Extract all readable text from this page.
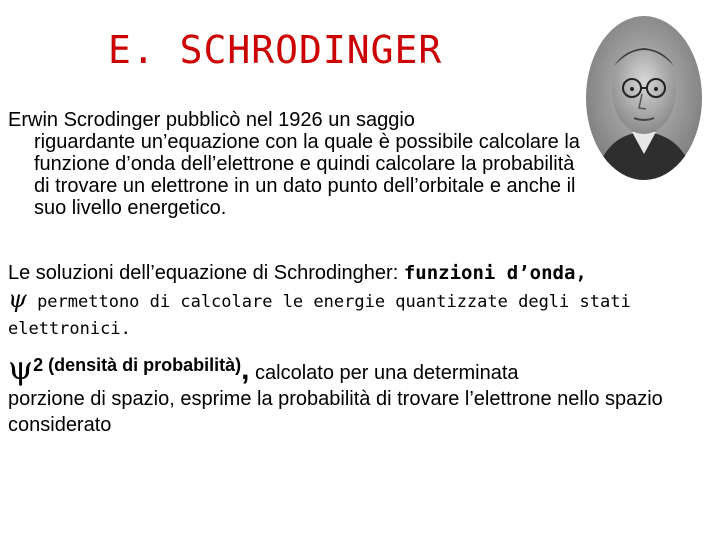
E. SCHRODINGER
Erwin Scrodinger pubblicò nel 1926 un saggio
riguardante un’equazione con la quale è possibile calcolare la funzione d’onda dell’elettrone e quindi calcolare la probabilità di trovare un elettrone in un dato punto dell’orbitale e anche il suo livello energetico.
Le soluzioni dell’equazione di Schrodingher: funzioni d’onda,
ψ permettono di calcolare le energie quantizzate degli stati elettronici.
ψ2 (densità di probabilità), calcolato per una determinata
porzione di spazio, esprime la probabilità di trovare l’elettrone nello spazio considerato
